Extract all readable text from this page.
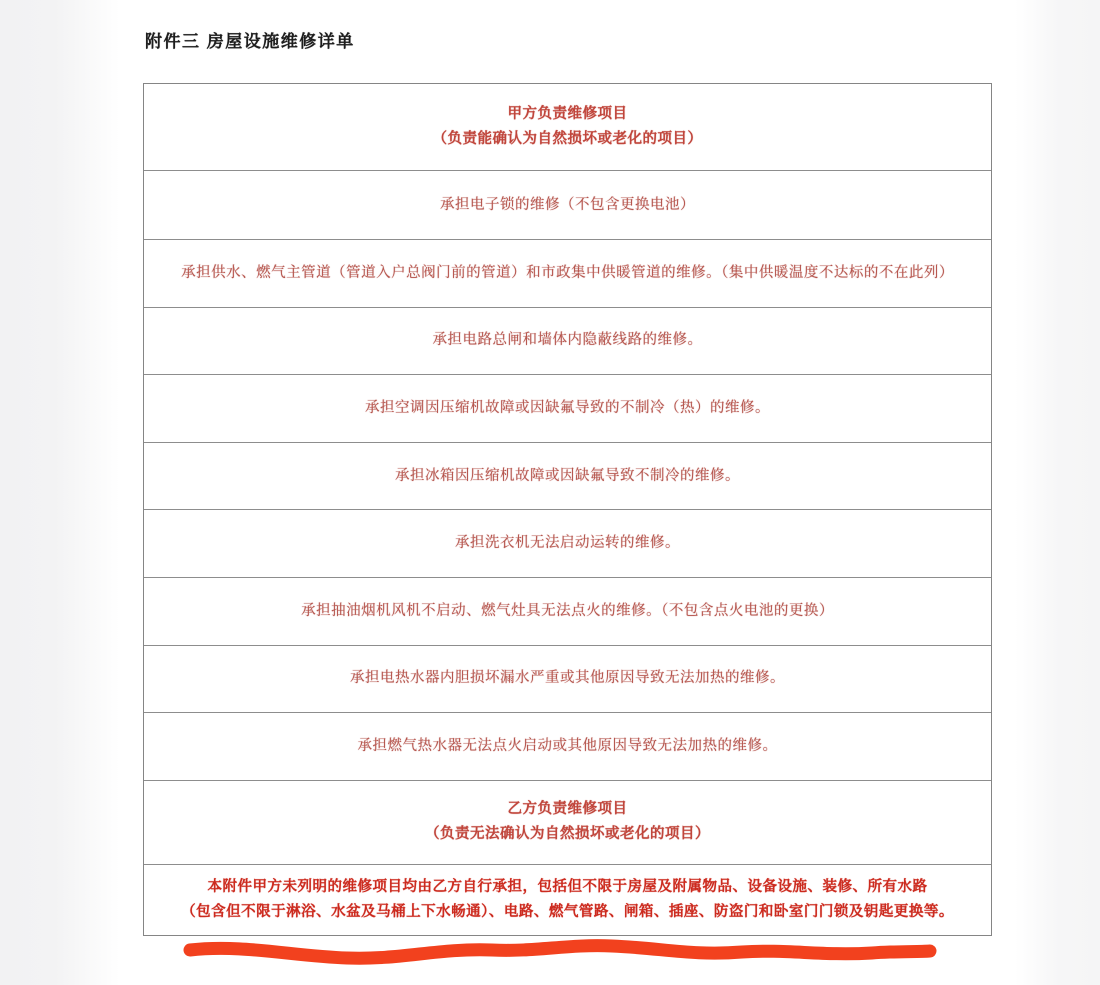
附件三 房屋设施维修详单
甲方负责维修项目
（负责能确认为自然损坏或老化的项目）
承担电子锁的维修（不包含更换电池）
承担供水、燃气主管道（管道入户总阀门前的管道）和市政集中供暖管道的维修。（集中供暖温度不达标的不在此列）
承担电路总闸和墙体内隐蔽线路的维修。
承担空调因压缩机故障或因缺氟导致的不制冷（热）的维修。
承担冰箱因压缩机故障或因缺氟导致不制冷的维修。
承担洗衣机无法启动运转的维修。
承担抽油烟机风机不启动、燃气灶具无法点火的维修。（不包含点火电池的更换）
承担电热水器内胆损坏漏水严重或其他原因导致无法加热的维修。
承担燃气热水器无法点火启动或其他原因导致无法加热的维修。
乙方负责维修项目
（负责无法确认为自然损坏或老化的项目）
本附件甲方未列明的维修项目均由乙方自行承担，包括但不限于房屋及附属物品、设备设施、装修、所有水路
（包含但不限于淋浴、水盆及马桶上下水畅通）、电路、燃气管路、闸箱、插座、防盗门和卧室门门锁及钥匙更换等。
